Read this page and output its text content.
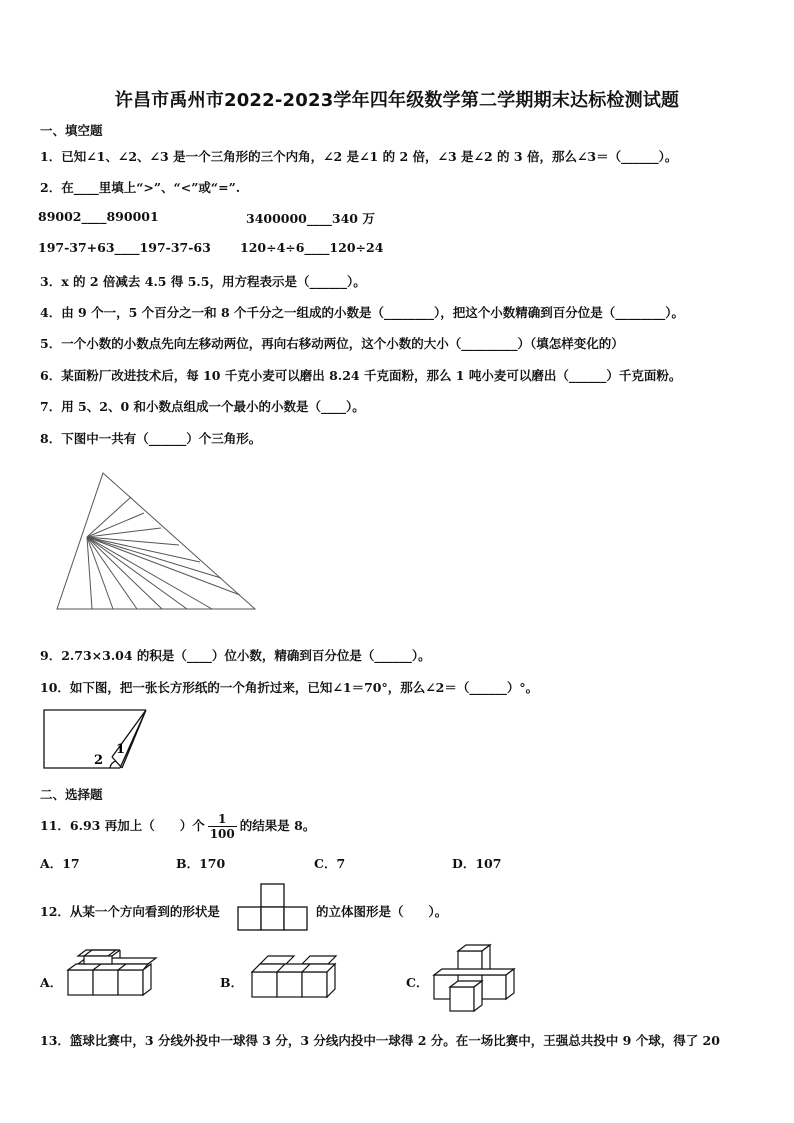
许昌市禹州市2022-2023学年四年级数学第二学期期末达标检测试题
一、填空题
1．已知∠1、∠2、∠3 是一个三角形的三个内角，∠2 是∠1 的 2 倍，∠3 是∠2 的 3 倍，那么∠3＝（______）。
2．在____里填上“>”、“<”或“=”.
89002____890001	3400000____340 万
197-37+63____197-37-63 120÷4÷6____120÷24
3．x 的 2 倍减去 4.5 得 5.5，用方程表示是（______）。
4．由 9 个一，5 个百分之一和 8 个千分之一组成的小数是（________），把这个小数精确到百分位是（________）。
5．一个小数的小数点先向左移动两位，再向右移动两位，这个小数的大小（_________）（填怎样变化的）
6．某面粉厂改进技术后，每 10 千克小麦可以磨出 8.24 千克面粉，那么 1 吨小麦可以磨出（______）千克面粉。
7．用 5、2、0 和小数点组成一个最小的小数是（____）。
8．下图中一共有（______）个三角形。
9．2.73×3.04 的积是（____）位小数，精确到百分位是（______）。
10．如下图，把一张长方形纸的一个角折过来，已知∠1＝70°，那么∠2＝（______）°。
1
2
二、选择题
11．6.93 再加上（　　）个 $\frac{1}{100}$ 的结果是 8。
A．17	B．170	C．7	D．107
12．从某一个方向看到的形状是	的立体图形是（　　）。
A．	B．	C．
13．篮球比赛中，3 分线外投中一球得 3 分，3 分线内投中一球得 2 分。在一场比赛中，王强总共投中 9 个球，得了 20
